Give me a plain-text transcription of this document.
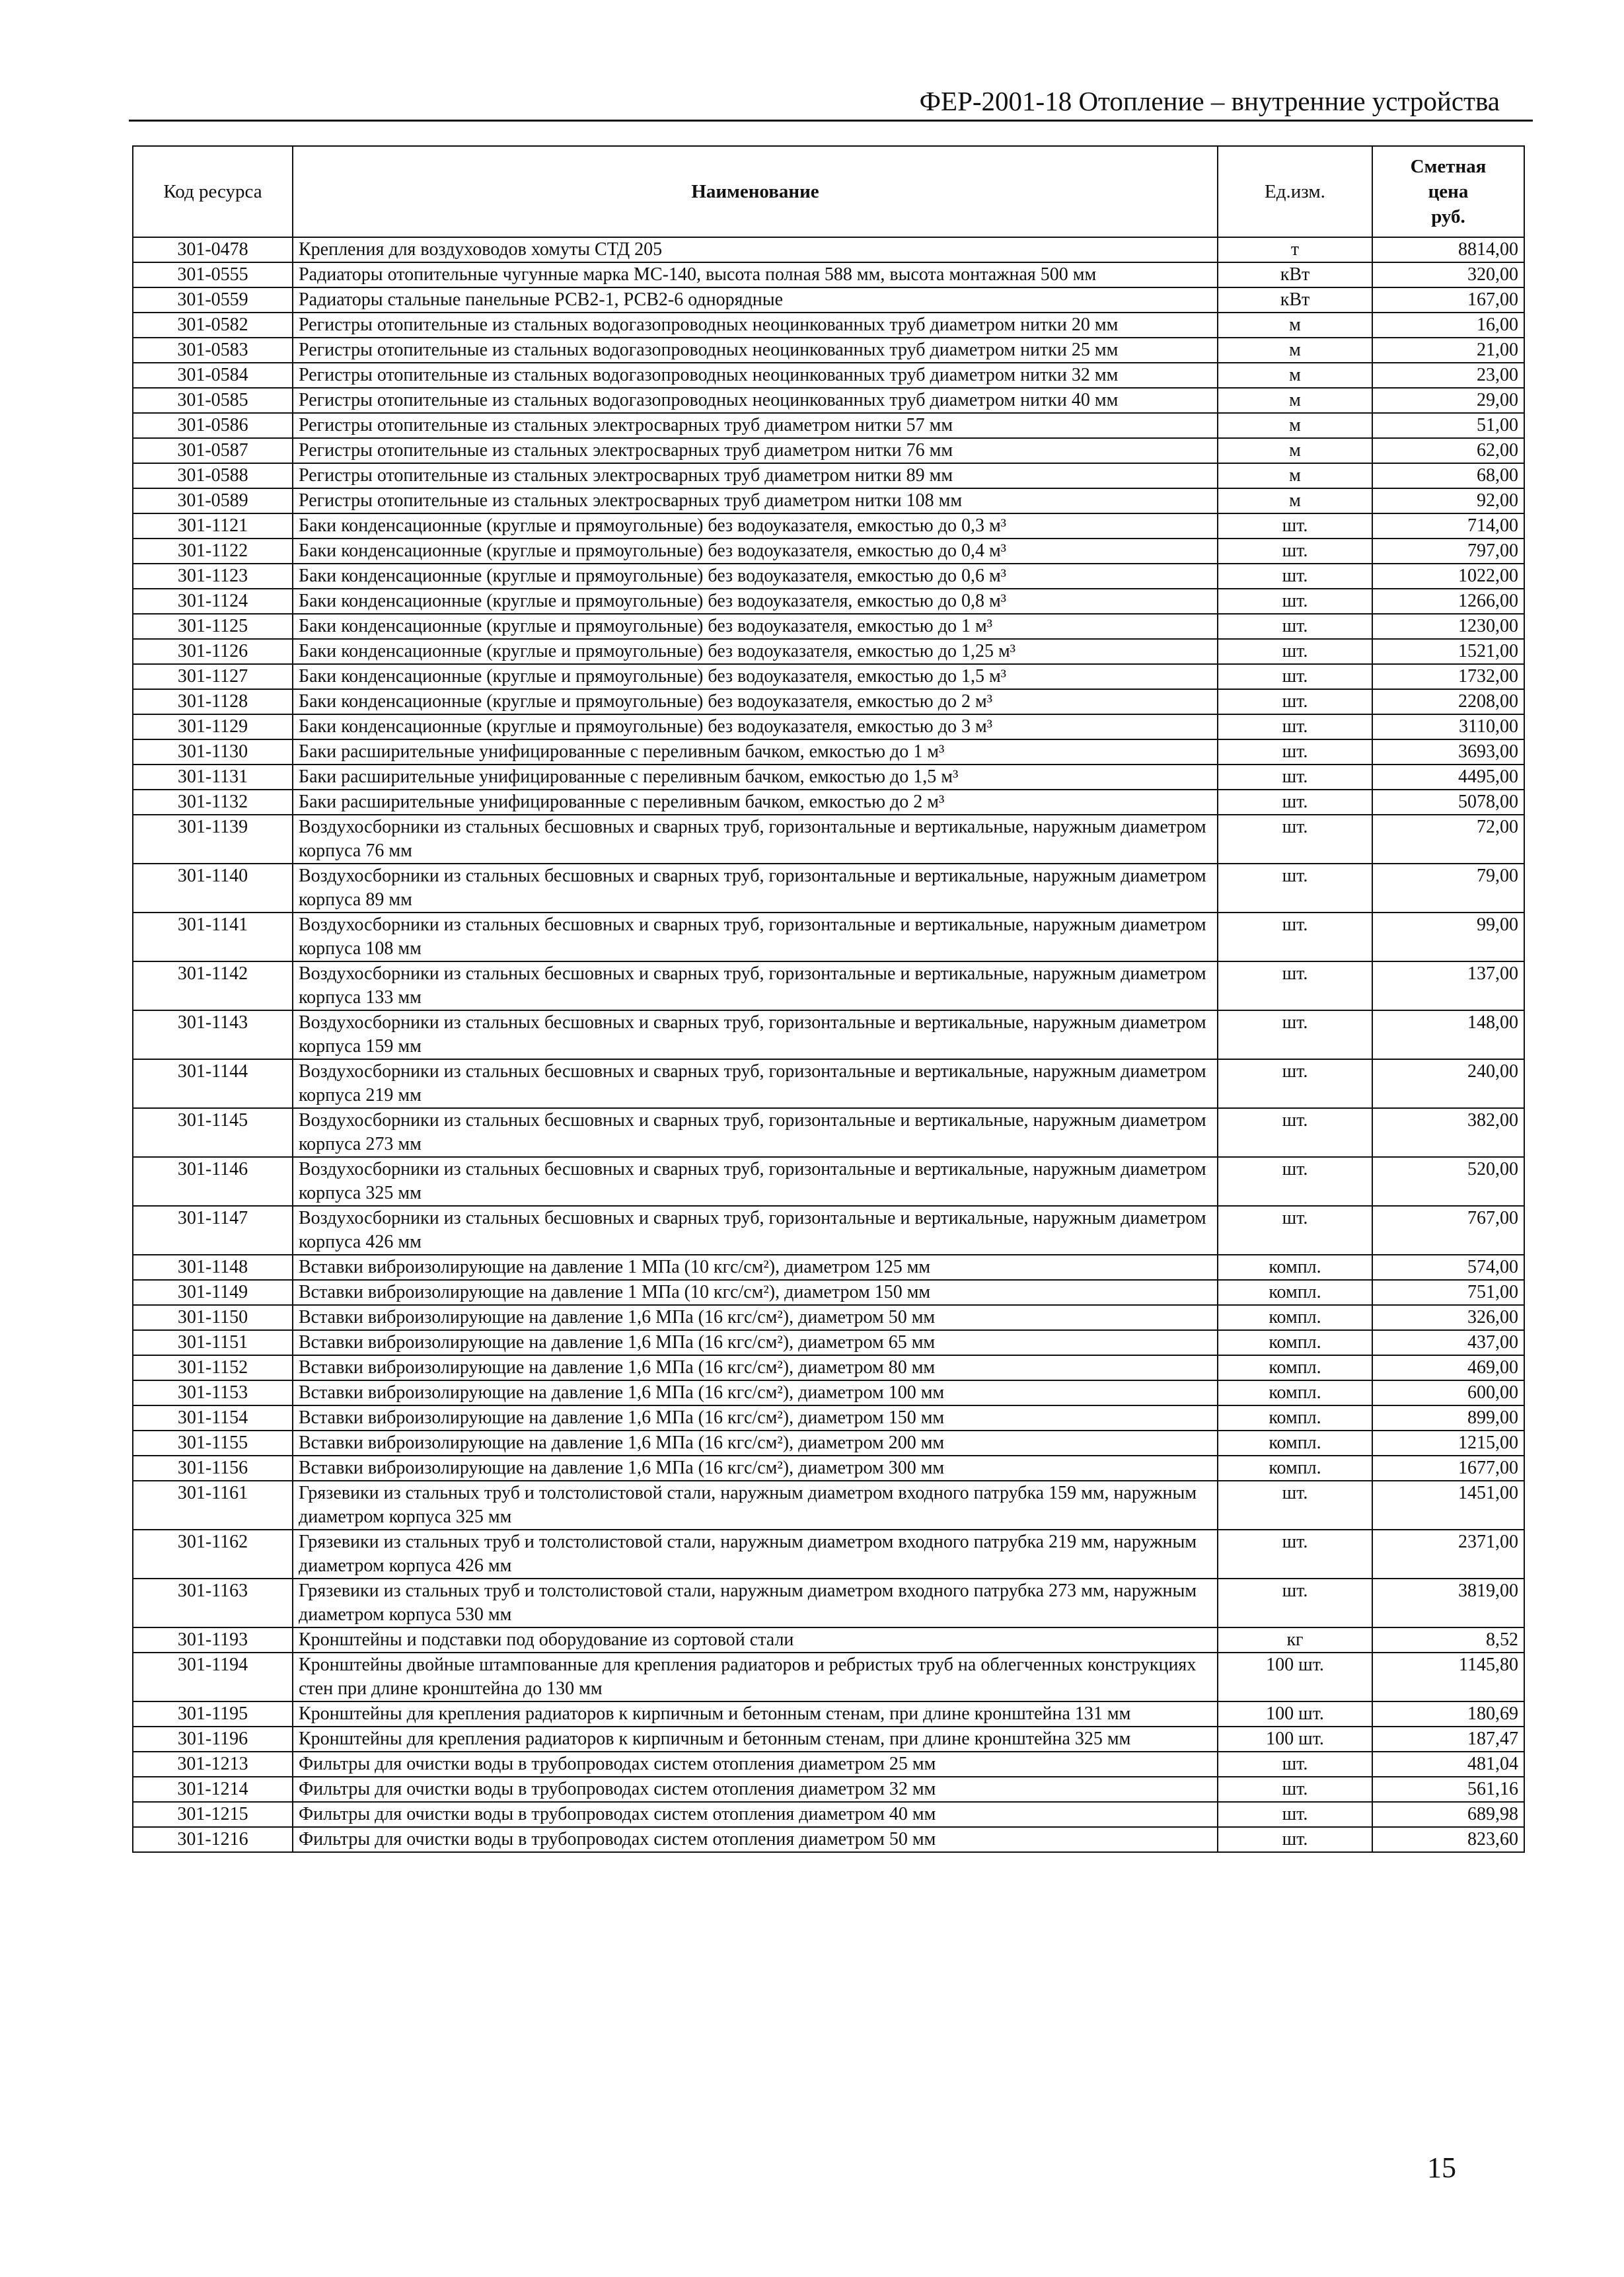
ФЕР-2001-18 Отопление – внутренние устройства
Код ресурса	Наименование	Ед.изм.	Сметная
цена
руб.

301-0478	Крепления для воздуховодов хомуты СТД 205	т	8814,00
301-0555	Радиаторы отопительные чугунные марка МС-140, высота полная 588 мм, высота монтажная 500 мм	кВт	320,00
301-0559	Радиаторы стальные панельные РСВ2-1, РСВ2-6 однорядные	кВт	167,00
301-0582	Регистры отопительные из стальных водогазопроводных неоцинкованных труб диаметром нитки 20 мм	м	16,00
301-0583	Регистры отопительные из стальных водогазопроводных неоцинкованных труб диаметром нитки 25 мм	м	21,00
301-0584	Регистры отопительные из стальных водогазопроводных неоцинкованных труб диаметром нитки 32 мм	м	23,00
301-0585	Регистры отопительные из стальных водогазопроводных неоцинкованных труб диаметром нитки 40 мм	м	29,00
301-0586	Регистры отопительные из стальных электросварных труб диаметром нитки 57 мм	м	51,00
301-0587	Регистры отопительные из стальных электросварных труб диаметром нитки 76 мм	м	62,00
301-0588	Регистры отопительные из стальных электросварных труб диаметром нитки 89 мм	м	68,00
301-0589	Регистры отопительные из стальных электросварных труб диаметром нитки 108 мм	м	92,00
301-1121	Баки конденсационные (круглые и прямоугольные) без водоуказателя, емкостью до 0,3 м³	шт.	714,00
301-1122	Баки конденсационные (круглые и прямоугольные) без водоуказателя, емкостью до 0,4 м³	шт.	797,00
301-1123	Баки конденсационные (круглые и прямоугольные) без водоуказателя, емкостью до 0,6 м³	шт.	1022,00
301-1124	Баки конденсационные (круглые и прямоугольные) без водоуказателя, емкостью до 0,8 м³	шт.	1266,00
301-1125	Баки конденсационные (круглые и прямоугольные) без водоуказателя, емкостью до 1 м³	шт.	1230,00
301-1126	Баки конденсационные (круглые и прямоугольные) без водоуказателя, емкостью до 1,25 м³	шт.	1521,00
301-1127	Баки конденсационные (круглые и прямоугольные) без водоуказателя, емкостью до 1,5 м³	шт.	1732,00
301-1128	Баки конденсационные (круглые и прямоугольные) без водоуказателя, емкостью до 2 м³	шт.	2208,00
301-1129	Баки конденсационные (круглые и прямоугольные) без водоуказателя, емкостью до 3 м³	шт.	3110,00
301-1130	Баки расширительные унифицированные с переливным бачком, емкостью до 1 м³	шт.	3693,00
301-1131	Баки расширительные унифицированные с переливным бачком, емкостью до 1,5 м³	шт.	4495,00
301-1132	Баки расширительные унифицированные с переливным бачком, емкостью до 2 м³	шт.	5078,00
301-1139	Воздухосборники из стальных бесшовных и сварных труб, горизонтальные и вертикальные, наружным диаметром корпуса 76 мм	шт.	72,00
301-1140	Воздухосборники из стальных бесшовных и сварных труб, горизонтальные и вертикальные, наружным диаметром корпуса 89 мм	шт.	79,00
301-1141	Воздухосборники из стальных бесшовных и сварных труб, горизонтальные и вертикальные, наружным диаметром корпуса 108 мм	шт.	99,00
301-1142	Воздухосборники из стальных бесшовных и сварных труб, горизонтальные и вертикальные, наружным диаметром корпуса 133 мм	шт.	137,00
301-1143	Воздухосборники из стальных бесшовных и сварных труб, горизонтальные и вертикальные, наружным диаметром корпуса 159 мм	шт.	148,00
301-1144	Воздухосборники из стальных бесшовных и сварных труб, горизонтальные и вертикальные, наружным диаметром корпуса 219 мм	шт.	240,00
301-1145	Воздухосборники из стальных бесшовных и сварных труб, горизонтальные и вертикальные, наружным диаметром корпуса 273 мм	шт.	382,00
301-1146	Воздухосборники из стальных бесшовных и сварных труб, горизонтальные и вертикальные, наружным диаметром корпуса 325 мм	шт.	520,00
301-1147	Воздухосборники из стальных бесшовных и сварных труб, горизонтальные и вертикальные, наружным диаметром корпуса 426 мм	шт.	767,00
301-1148	Вставки виброизолирующие на давление 1 МПа (10 кгс/см²), диаметром 125 мм	компл.	574,00
301-1149	Вставки виброизолирующие на давление 1 МПа (10 кгс/см²), диаметром 150 мм	компл.	751,00
301-1150	Вставки виброизолирующие на давление 1,6 МПа (16 кгс/см²), диаметром 50 мм	компл.	326,00
301-1151	Вставки виброизолирующие на давление 1,6 МПа (16 кгс/см²), диаметром 65 мм	компл.	437,00
301-1152	Вставки виброизолирующие на давление 1,6 МПа (16 кгс/см²), диаметром 80 мм	компл.	469,00
301-1153	Вставки виброизолирующие на давление 1,6 МПа (16 кгс/см²), диаметром 100 мм	компл.	600,00
301-1154	Вставки виброизолирующие на давление 1,6 МПа (16 кгс/см²), диаметром 150 мм	компл.	899,00
301-1155	Вставки виброизолирующие на давление 1,6 МПа (16 кгс/см²), диаметром 200 мм	компл.	1215,00
301-1156	Вставки виброизолирующие на давление 1,6 МПа (16 кгс/см²), диаметром 300 мм	компл.	1677,00
301-1161	Грязевики из стальных труб и толстолистовой стали, наружным диаметром входного патрубка 159 мм, наружным диаметром корпуса 325 мм	шт.	1451,00
301-1162	Грязевики из стальных труб и толстолистовой стали, наружным диаметром входного патрубка 219 мм, наружным диаметром корпуса 426 мм	шт.	2371,00
301-1163	Грязевики из стальных труб и толстолистовой стали, наружным диаметром входного патрубка 273 мм, наружным диаметром корпуса 530 мм	шт.	3819,00
301-1193	Кронштейны и подставки под оборудование из сортовой стали	кг	8,52
301-1194	Кронштейны двойные штампованные для крепления радиаторов и ребристых труб на облегченных конструкциях стен при длине кронштейна до 130 мм	100 шт.	1145,80
301-1195	Кронштейны для крепления радиаторов к кирпичным и бетонным стенам, при длине кронштейна 131 мм	100 шт.	180,69
301-1196	Кронштейны для крепления радиаторов к кирпичным и бетонным стенам, при длине кронштейна 325 мм	100 шт.	187,47
301-1213	Фильтры для очистки воды в трубопроводах систем отопления диаметром 25 мм	шт.	481,04
301-1214	Фильтры для очистки воды в трубопроводах систем отопления диаметром 32 мм	шт.	561,16
301-1215	Фильтры для очистки воды в трубопроводах систем отопления диаметром 40 мм	шт.	689,98
301-1216	Фильтры для очистки воды в трубопроводах систем отопления диаметром 50 мм	шт.	823,60
15
